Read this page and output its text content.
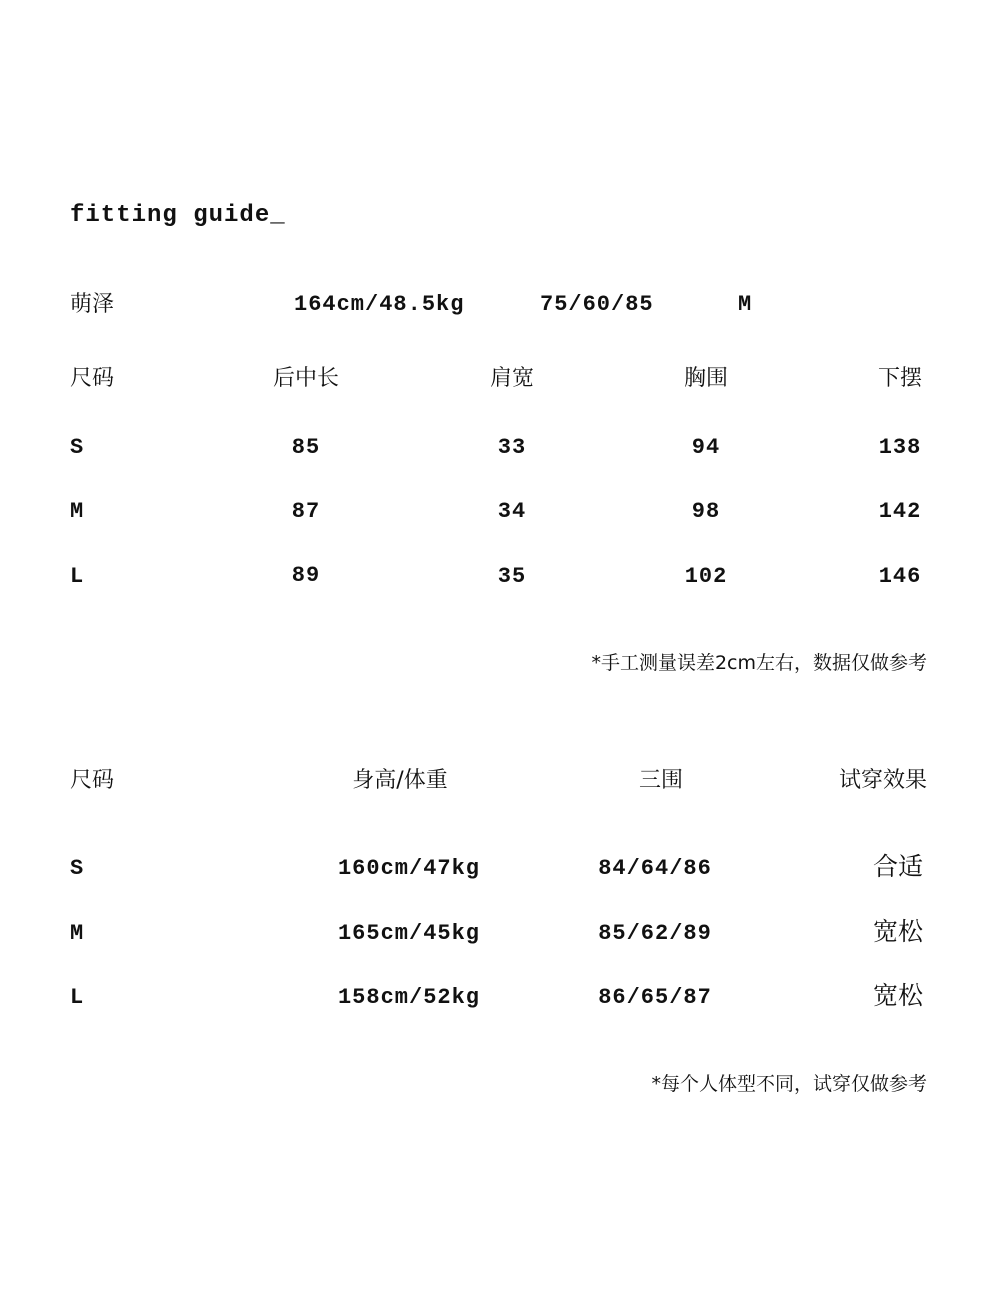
fitting guide_
萌泽	164cm/48.5kg	75/60/85	M
尺码	后中长	肩宽	胸围	下摆
S	85	33	94	138
M	87	34	98	142
L	89	35	102	146
*手工测量误差2cm左右，数据仅做参考
尺码	身高/体重	三围	试穿效果
S	160cm/47kg	84/64/86	合适
M	165cm/45kg	85/62/89	宽松
L	158cm/52kg	86/65/87	宽松
*每个人体型不同，试穿仅做参考
